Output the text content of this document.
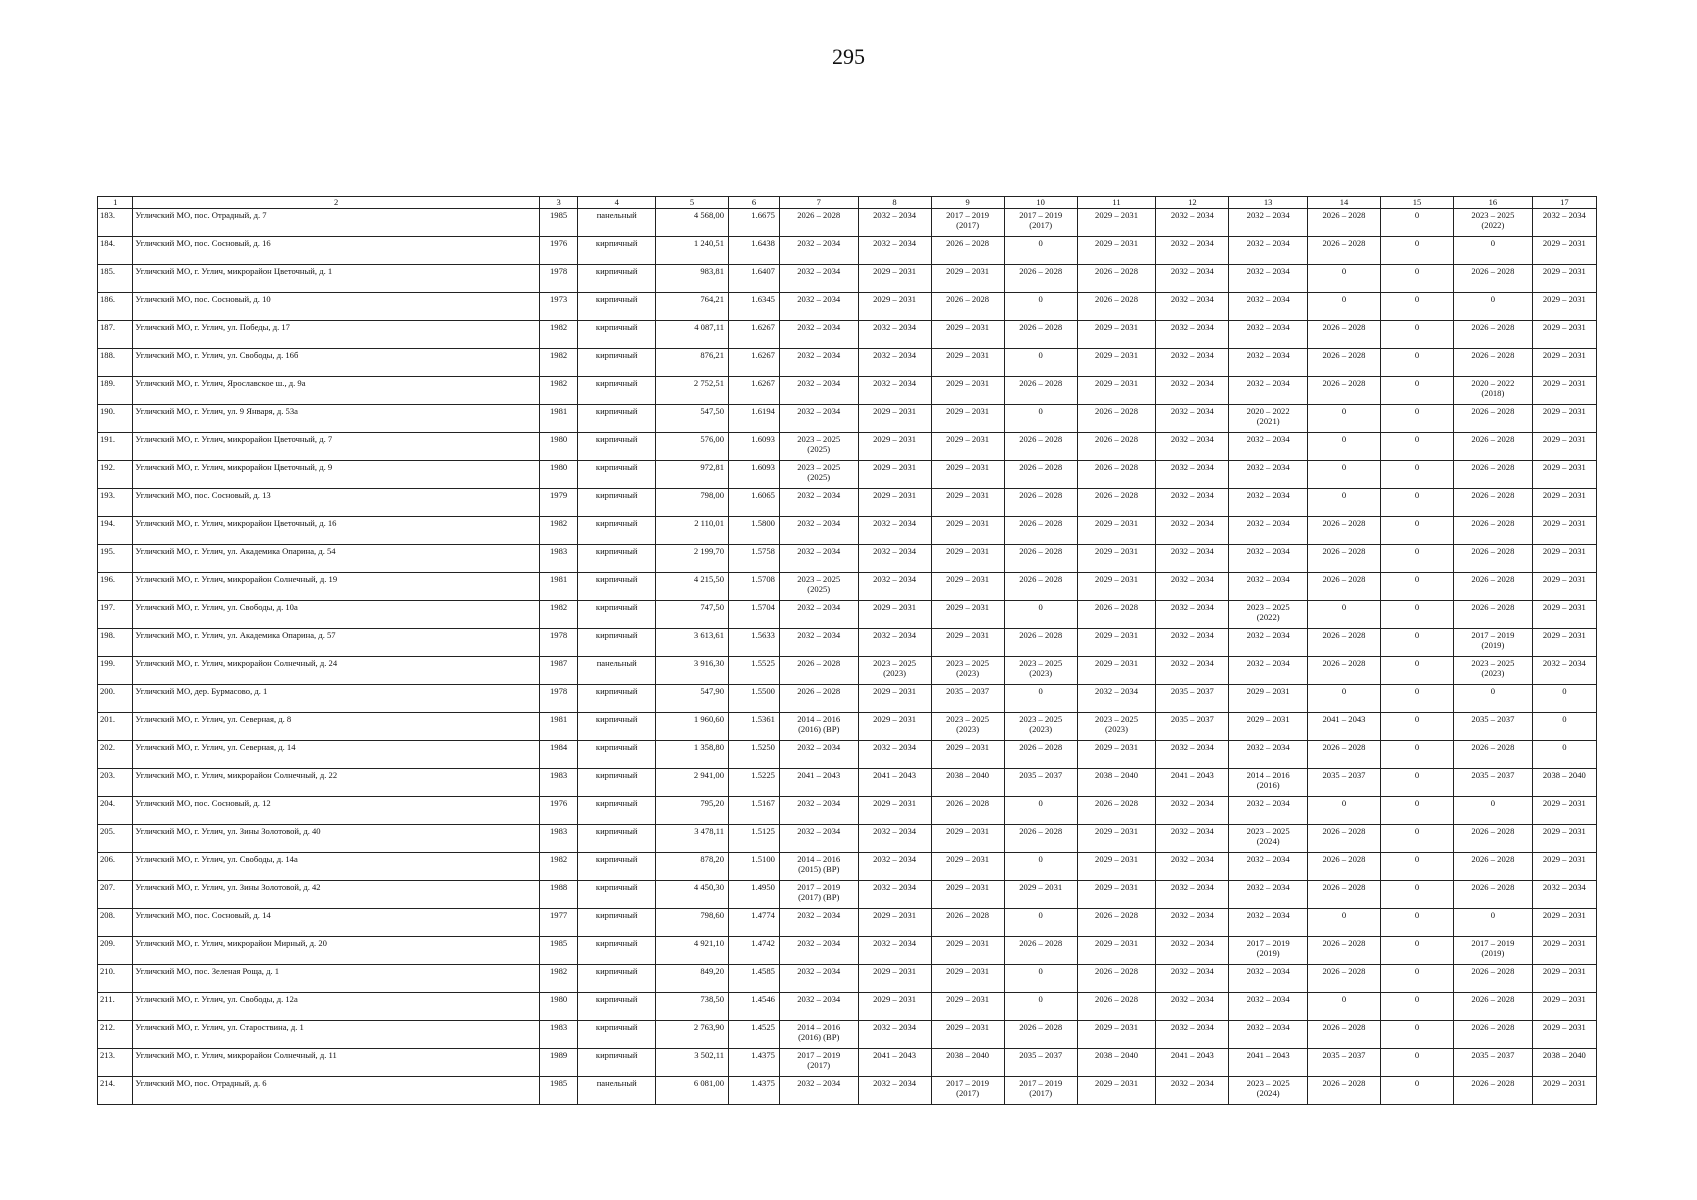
295
1	2	3	4	5	6	7	8	9	10	11	12	13	14	15	16	17

183.	Угличский МО, пос. Отрадный, д. 7	1985	панельный	4 568,00	1.6675	2026 – 2028	2032 – 2034	2017 – 2019
(2017)	2017 – 2019
(2017)	2029 – 2031	2032 – 2034	2032 – 2034	2026 – 2028	0	2023 – 2025
(2022)	2032 – 2034

184.	Угличский МО, пос. Сосновый, д. 16	1976	кирпичный	1 240,51	1.6438	2032 – 2034	2032 – 2034	2026 – 2028	0	2029 – 2031	2032 – 2034	2032 – 2034	2026 – 2028	0	0	2029 – 2031

185.	Угличский МО, г. Углич, микрорайон Цветочный, д. 1	1978	кирпичный	983,81	1.6407	2032 – 2034	2029 – 2031	2029 – 2031	2026 – 2028	2026 – 2028	2032 – 2034	2032 – 2034	0	0	2026 – 2028	2029 – 2031

186.	Угличский МО, пос. Сосновый, д. 10	1973	кирпичный	764,21	1.6345	2032 – 2034	2029 – 2031	2026 – 2028	0	2026 – 2028	2032 – 2034	2032 – 2034	0	0	0	2029 – 2031

187.	Угличский МО, г. Углич, ул. Победы, д. 17	1982	кирпичный	4 087,11	1.6267	2032 – 2034	2032 – 2034	2029 – 2031	2026 – 2028	2029 – 2031	2032 – 2034	2032 – 2034	2026 – 2028	0	2026 – 2028	2029 – 2031

188.	Угличский МО, г. Углич, ул. Свободы, д. 16б	1982	кирпичный	876,21	1.6267	2032 – 2034	2032 – 2034	2029 – 2031	0	2029 – 2031	2032 – 2034	2032 – 2034	2026 – 2028	0	2026 – 2028	2029 – 2031

189.	Угличский МО, г. Углич, Ярославское ш., д. 9а	1982	кирпичный	2 752,51	1.6267	2032 – 2034	2032 – 2034	2029 – 2031	2026 – 2028	2029 – 2031	2032 – 2034	2032 – 2034	2026 – 2028	0	2020 – 2022
(2018)	2029 – 2031

190.	Угличский МО, г. Углич, ул. 9 Января, д. 53а	1981	кирпичный	547,50	1.6194	2032 – 2034	2029 – 2031	2029 – 2031	0	2026 – 2028	2032 – 2034	2020 – 2022
(2021)	0	0	2026 – 2028	2029 – 2031

191.	Угличский МО, г. Углич, микрорайон Цветочный, д. 7	1980	кирпичный	576,00	1.6093	2023 – 2025
(2025)	2029 – 2031	2029 – 2031	2026 – 2028	2026 – 2028	2032 – 2034	2032 – 2034	0	0	2026 – 2028	2029 – 2031

192.	Угличский МО, г. Углич, микрорайон Цветочный, д. 9	1980	кирпичный	972,81	1.6093	2023 – 2025
(2025)	2029 – 2031	2029 – 2031	2026 – 2028	2026 – 2028	2032 – 2034	2032 – 2034	0	0	2026 – 2028	2029 – 2031

193.	Угличский МО, пос. Сосновый, д. 13	1979	кирпичный	798,00	1.6065	2032 – 2034	2029 – 2031	2029 – 2031	2026 – 2028	2026 – 2028	2032 – 2034	2032 – 2034	0	0	2026 – 2028	2029 – 2031

194.	Угличский МО, г. Углич, микрорайон Цветочный, д. 16	1982	кирпичный	2 110,01	1.5800	2032 – 2034	2032 – 2034	2029 – 2031	2026 – 2028	2029 – 2031	2032 – 2034	2032 – 2034	2026 – 2028	0	2026 – 2028	2029 – 2031

195.	Угличский МО, г. Углич, ул. Академика Опарина, д. 54	1983	кирпичный	2 199,70	1.5758	2032 – 2034	2032 – 2034	2029 – 2031	2026 – 2028	2029 – 2031	2032 – 2034	2032 – 2034	2026 – 2028	0	2026 – 2028	2029 – 2031

196.	Угличский МО, г. Углич, микрорайон Солнечный, д. 19	1981	кирпичный	4 215,50	1.5708	2023 – 2025
(2025)	2032 – 2034	2029 – 2031	2026 – 2028	2029 – 2031	2032 – 2034	2032 – 2034	2026 – 2028	0	2026 – 2028	2029 – 2031

197.	Угличский МО, г. Углич, ул. Свободы, д. 10а	1982	кирпичный	747,50	1.5704	2032 – 2034	2029 – 2031	2029 – 2031	0	2026 – 2028	2032 – 2034	2023 – 2025
(2022)	0	0	2026 – 2028	2029 – 2031

198.	Угличский МО, г. Углич, ул. Академика Опарина, д. 57	1978	кирпичный	3 613,61	1.5633	2032 – 2034	2032 – 2034	2029 – 2031	2026 – 2028	2029 – 2031	2032 – 2034	2032 – 2034	2026 – 2028	0	2017 – 2019
(2019)	2029 – 2031

199.	Угличский МО, г. Углич, микрорайон Солнечный, д. 24	1987	панельный	3 916,30	1.5525	2026 – 2028	2023 – 2025
(2023)	2023 – 2025
(2023)	2023 – 2025
(2023)	2029 – 2031	2032 – 2034	2032 – 2034	2026 – 2028	0	2023 – 2025
(2023)	2032 – 2034

200.	Угличский МО, дер. Бурмасово, д. 1	1978	кирпичный	547,90	1.5500	2026 – 2028	2029 – 2031	2035 – 2037	0	2032 – 2034	2035 – 2037	2029 – 2031	0	0	0	0

201.	Угличский МО, г. Углич, ул. Северная, д. 8	1981	кирпичный	1 960,60	1.5361	2014 – 2016
(2016) (ВР)	2029 – 2031	2023 – 2025
(2023)	2023 – 2025
(2023)	2023 – 2025
(2023)	2035 – 2037	2029 – 2031	2041 – 2043	0	2035 – 2037	0

202.	Угличский МО, г. Углич, ул. Северная, д. 14	1984	кирпичный	1 358,80	1.5250	2032 – 2034	2032 – 2034	2029 – 2031	2026 – 2028	2029 – 2031	2032 – 2034	2032 – 2034	2026 – 2028	0	2026 – 2028	0

203.	Угличский МО, г. Углич, микрорайон Солнечный, д. 22	1983	кирпичный	2 941,00	1.5225	2041 – 2043	2041 – 2043	2038 – 2040	2035 – 2037	2038 – 2040	2041 – 2043	2014 – 2016
(2016)	2035 – 2037	0	2035 – 2037	2038 – 2040

204.	Угличский МО, пос. Сосновый, д. 12	1976	кирпичный	795,20	1.5167	2032 – 2034	2029 – 2031	2026 – 2028	0	2026 – 2028	2032 – 2034	2032 – 2034	0	0	0	2029 – 2031

205.	Угличский МО, г. Углич, ул. Зины Золотовой, д. 40	1983	кирпичный	3 478,11	1.5125	2032 – 2034	2032 – 2034	2029 – 2031	2026 – 2028	2029 – 2031	2032 – 2034	2023 – 2025
(2024)	2026 – 2028	0	2026 – 2028	2029 – 2031

206.	Угличский МО, г. Углич, ул. Свободы, д. 14а	1982	кирпичный	878,20	1.5100	2014 – 2016
(2015) (ВР)	2032 – 2034	2029 – 2031	0	2029 – 2031	2032 – 2034	2032 – 2034	2026 – 2028	0	2026 – 2028	2029 – 2031

207.	Угличский МО, г. Углич, ул. Зины Золотовой, д. 42	1988	кирпичный	4 450,30	1.4950	2017 – 2019
(2017) (ВР)	2032 – 2034	2029 – 2031	2029 – 2031	2029 – 2031	2032 – 2034	2032 – 2034	2026 – 2028	0	2026 – 2028	2032 – 2034

208.	Угличский МО, пос. Сосновый, д. 14	1977	кирпичный	798,60	1.4774	2032 – 2034	2029 – 2031	2026 – 2028	0	2026 – 2028	2032 – 2034	2032 – 2034	0	0	0	2029 – 2031

209.	Угличский МО, г. Углич, микрорайон Мирный, д. 20	1985	кирпичный	4 921,10	1.4742	2032 – 2034	2032 – 2034	2029 – 2031	2026 – 2028	2029 – 2031	2032 – 2034	2017 – 2019
(2019)	2026 – 2028	0	2017 – 2019
(2019)	2029 – 2031

210.	Угличский МО, пос. Зеленая Роща, д. 1	1982	кирпичный	849,20	1.4585	2032 – 2034	2029 – 2031	2029 – 2031	0	2026 – 2028	2032 – 2034	2032 – 2034	2026 – 2028	0	2026 – 2028	2029 – 2031

211.	Угличский МО, г. Углич, ул. Свободы, д. 12а	1980	кирпичный	738,50	1.4546	2032 – 2034	2029 – 2031	2029 – 2031	0	2026 – 2028	2032 – 2034	2032 – 2034	0	0	2026 – 2028	2029 – 2031

212.	Угличский МО, г. Углич, ул. Староствина, д. 1	1983	кирпичный	2 763,90	1.4525	2014 – 2016
(2016) (ВР)	2032 – 2034	2029 – 2031	2026 – 2028	2029 – 2031	2032 – 2034	2032 – 2034	2026 – 2028	0	2026 – 2028	2029 – 2031

213.	Угличский МО, г. Углич, микрорайон Солнечный, д. 11	1989	кирпичный	3 502,11	1.4375	2017 – 2019
(2017)	2041 – 2043	2038 – 2040	2035 – 2037	2038 – 2040	2041 – 2043	2041 – 2043	2035 – 2037	0	2035 – 2037	2038 – 2040

214.	Угличский МО, пос. Отрадный, д. 6	1985	панельный	6 081,00	1.4375	2032 – 2034	2032 – 2034	2017 – 2019
(2017)	2017 – 2019
(2017)	2029 – 2031	2032 – 2034	2023 – 2025
(2024)	2026 – 2028	0	2026 – 2028	2029 – 2031
